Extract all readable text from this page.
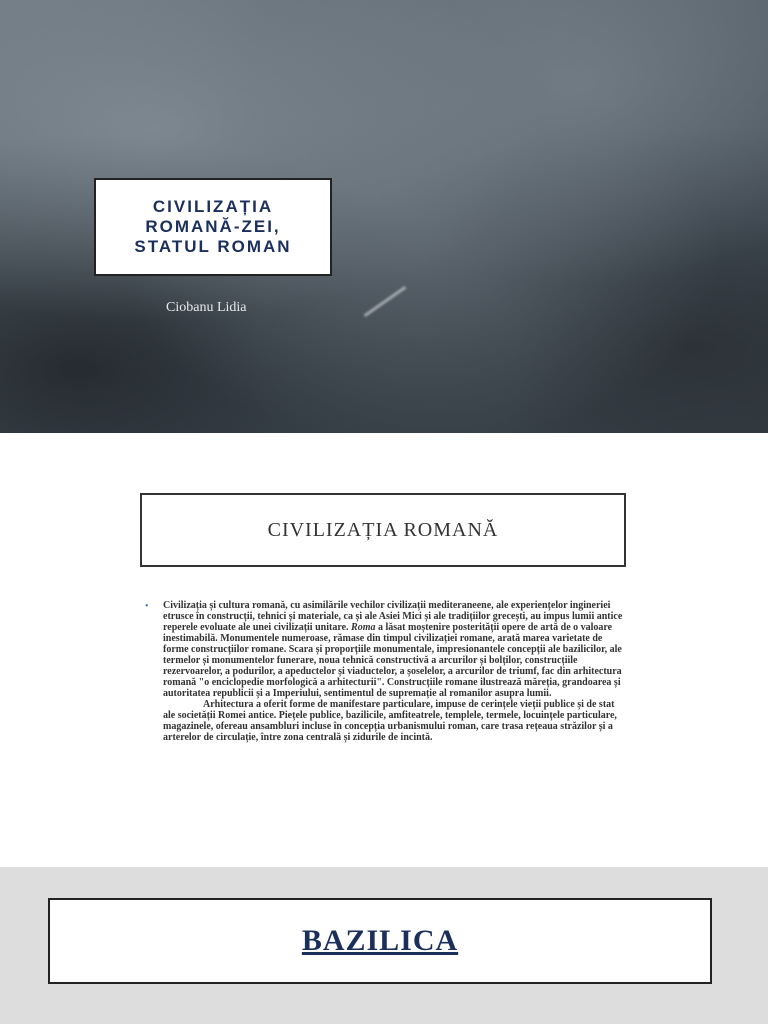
CIVILIZAȚIA ROMANĂ-ZEI, STATUL ROMAN
Ciobanu Lidia
CIVILIZAȚIA ROMANĂ
• Civilizația și cultura romană, cu asimilările vechilor civilizații mediteraneene, ale experiențelor ingineriei etrusce în construcții, tehnici și materiale, ca și ale Asiei Mici și ale tradițiilor grecești, au impus lumii antice reperele evoluate ale unei civilizații unitare. Roma a lăsat moștenire posterității opere de artă de o valoare inestimabilă. Monumentele numeroase, rămase din timpul civilizației romane, arată marea varietate de forme construcțiilor romane. Scara și proporțiile monumentale, impresionantele concepții ale bazilicilor, ale termelor și monumentelor funerare, noua tehnică constructivă a arcurilor și bolților, construcțiile rezervoarelor, a podurilor, a apeductelor și viaductelor, a șoselelor, a arcurilor de triumf, fac din arhitectura romană "o enciclopedie morfologică a arhitecturii". Construcțiile romane ilustrează măreția, grandoarea și autoritatea republicii și a Imperiului, sentimentul de supremație al romanilor asupra lumii.

Arhitectura a oferit forme de manifestare particulare, impuse de cerințele vieții publice și de stat ale societății Romei antice. Piețele publice, bazilicile, amfiteatrele, templele, termele, locuințele particulare, magazinele, ofereau ansambluri incluse în concepția urbanismului roman, care trasa rețeaua străzilor și a arterelor de circulație, între zona centrală și zidurile de incintă.

BAZILICA
